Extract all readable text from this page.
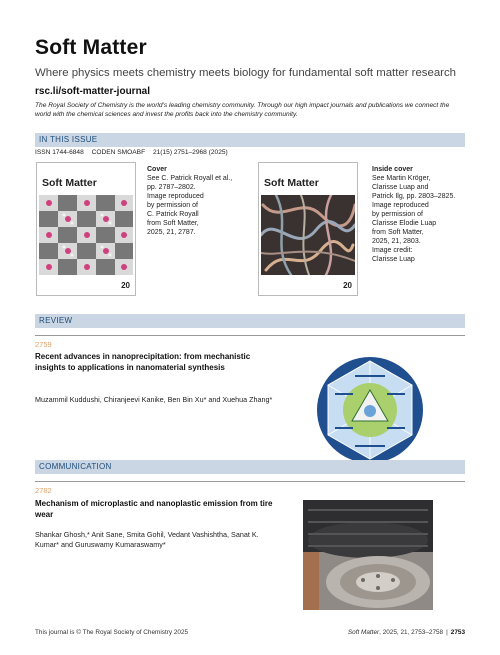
Soft Matter
Where physics meets chemistry meets biology for fundamental soft matter research
rsc.li/soft-matter-journal
The Royal Society of Chemistry is the world’s leading chemistry community. Through our high impact journals and publications we connect the world with the chemical sciences and invest the profits back into the chemistry community.
IN THIS ISSUE
ISSN 1744-6848 CODEN SMOABF 21(15) 2751–2968 (2025)
Soft Matter
20
Cover
See C. Patrick Royall et al.,
pp. 2787–2802.
Image reproduced
by permission of
C. Patrick Royall
from Soft Matter,
2025, 21, 2787.
Soft Matter
20
Inside cover
See Martin Kröger,
Clarisse Luap and
Patrick Ilg, pp. 2803–2825.
Image reproduced
by permission of
Clarisse Elodie Luap
from Soft Matter,
2025, 21, 2803.
Image credit:
Clarisse Luap
REVIEW
2759
Recent advances in nanoprecipitation: from mechanistic insights to applications in nanomaterial synthesis
Muzammil Kuddushi, Chiranjeevi Kanike, Ben Bin Xu* and Xuehua Zhang*
COMMUNICATION
2782
Mechanism of microplastic and nanoplastic emission from tire wear
Shankar Ghosh,* Anit Sane, Smita Gohil, Vedant Vashishtha, Sanat K. Kumar* and Guruswamy Kumaraswamy*
This journal is © The Royal Society of Chemistry 2025	Soft Matter, 2025, 21, 2753–2758 | 2753
